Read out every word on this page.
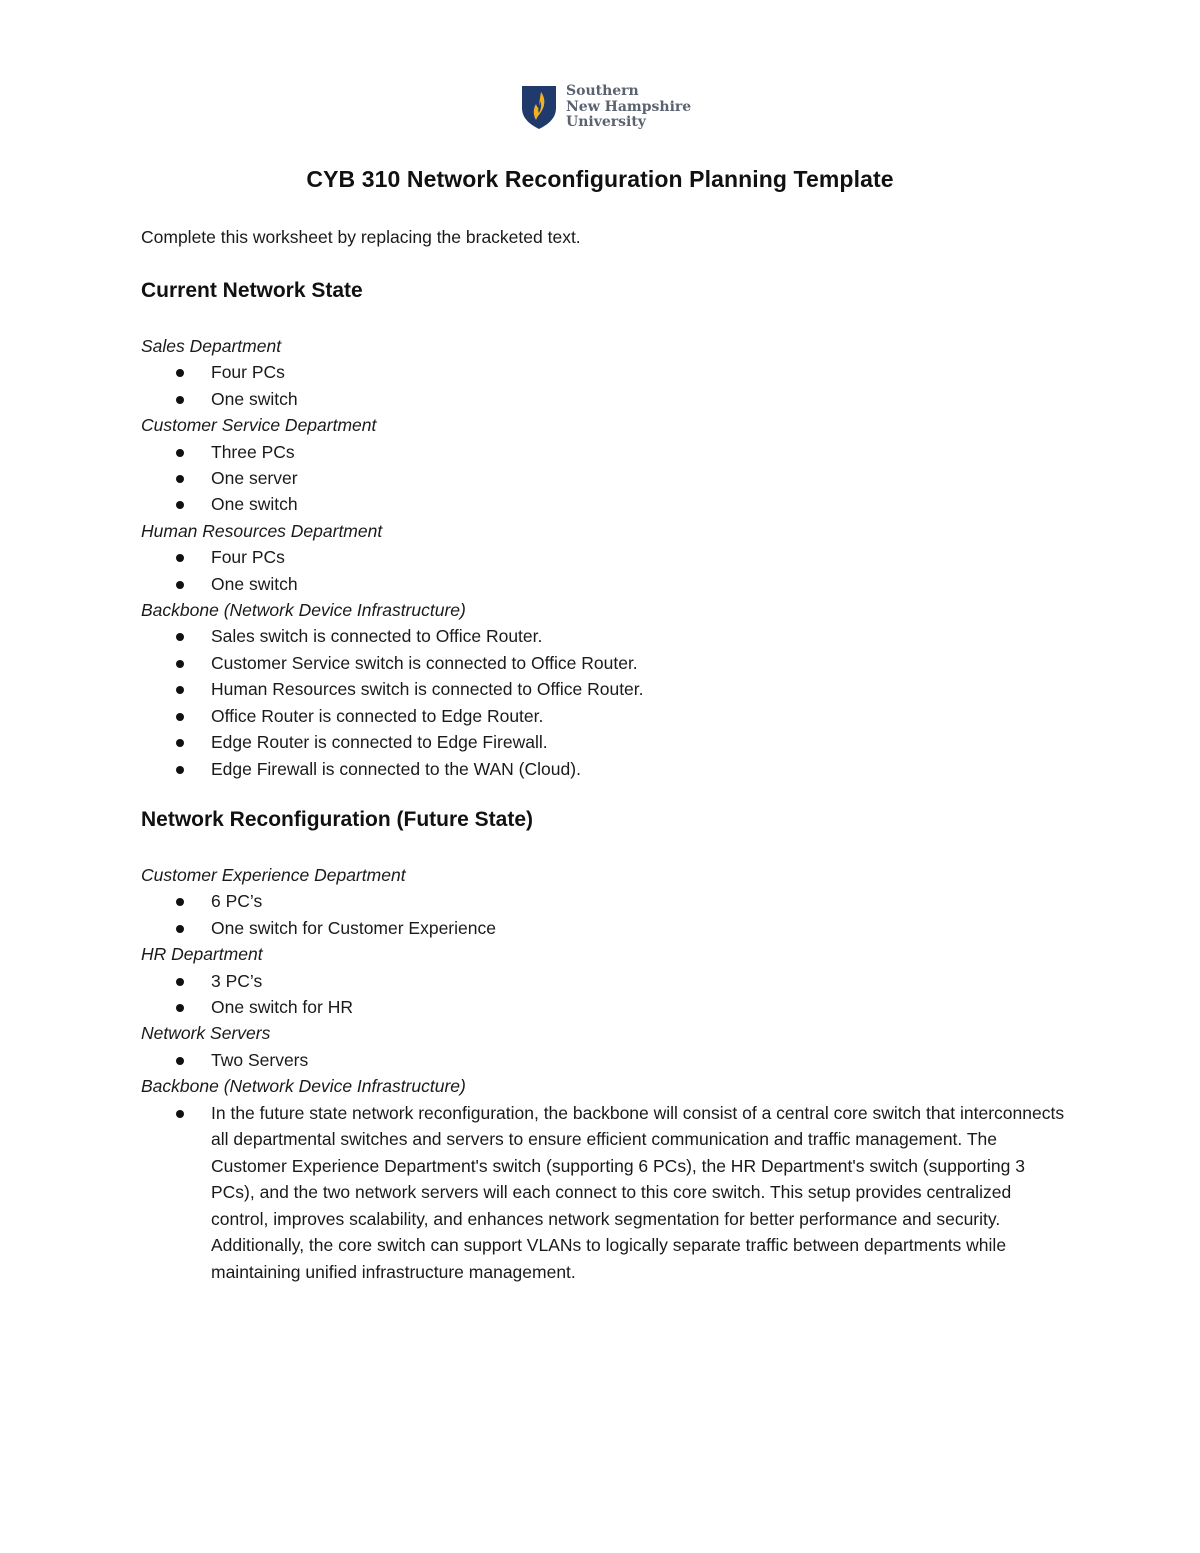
Southern
New Hampshire
University
CYB 310 Network Reconfiguration Planning Template
Complete this worksheet by replacing the bracketed text.
Current Network State
Sales Department
Four PCs
One switch
Customer Service Department
Three PCs
One server
One switch
Human Resources Department
Four PCs
One switch
Backbone (Network Device Infrastructure)
Sales switch is connected to Office Router.
Customer Service switch is connected to Office Router.
Human Resources switch is connected to Office Router.
Office Router is connected to Edge Router.
Edge Router is connected to Edge Firewall.
Edge Firewall is connected to the WAN (Cloud).
Network Reconfiguration (Future State)
Customer Experience Department
6 PC’s
One switch for Customer Experience
HR Department
3 PC’s
One switch for HR
Network Servers
Two Servers
Backbone (Network Device Infrastructure)
In the future state network reconfiguration, the backbone will consist of a central core switch that interconnects all departmental switches and servers to ensure efficient communication and traffic management. The Customer Experience Department's switch (supporting 6 PCs), the HR Department's switch (supporting 3 PCs), and the two network servers will each connect to this core switch. This setup provides centralized control, improves scalability, and enhances network segmentation for better performance and security. Additionally, the core switch can support VLANs to logically separate traffic between departments while maintaining unified infrastructure management.
